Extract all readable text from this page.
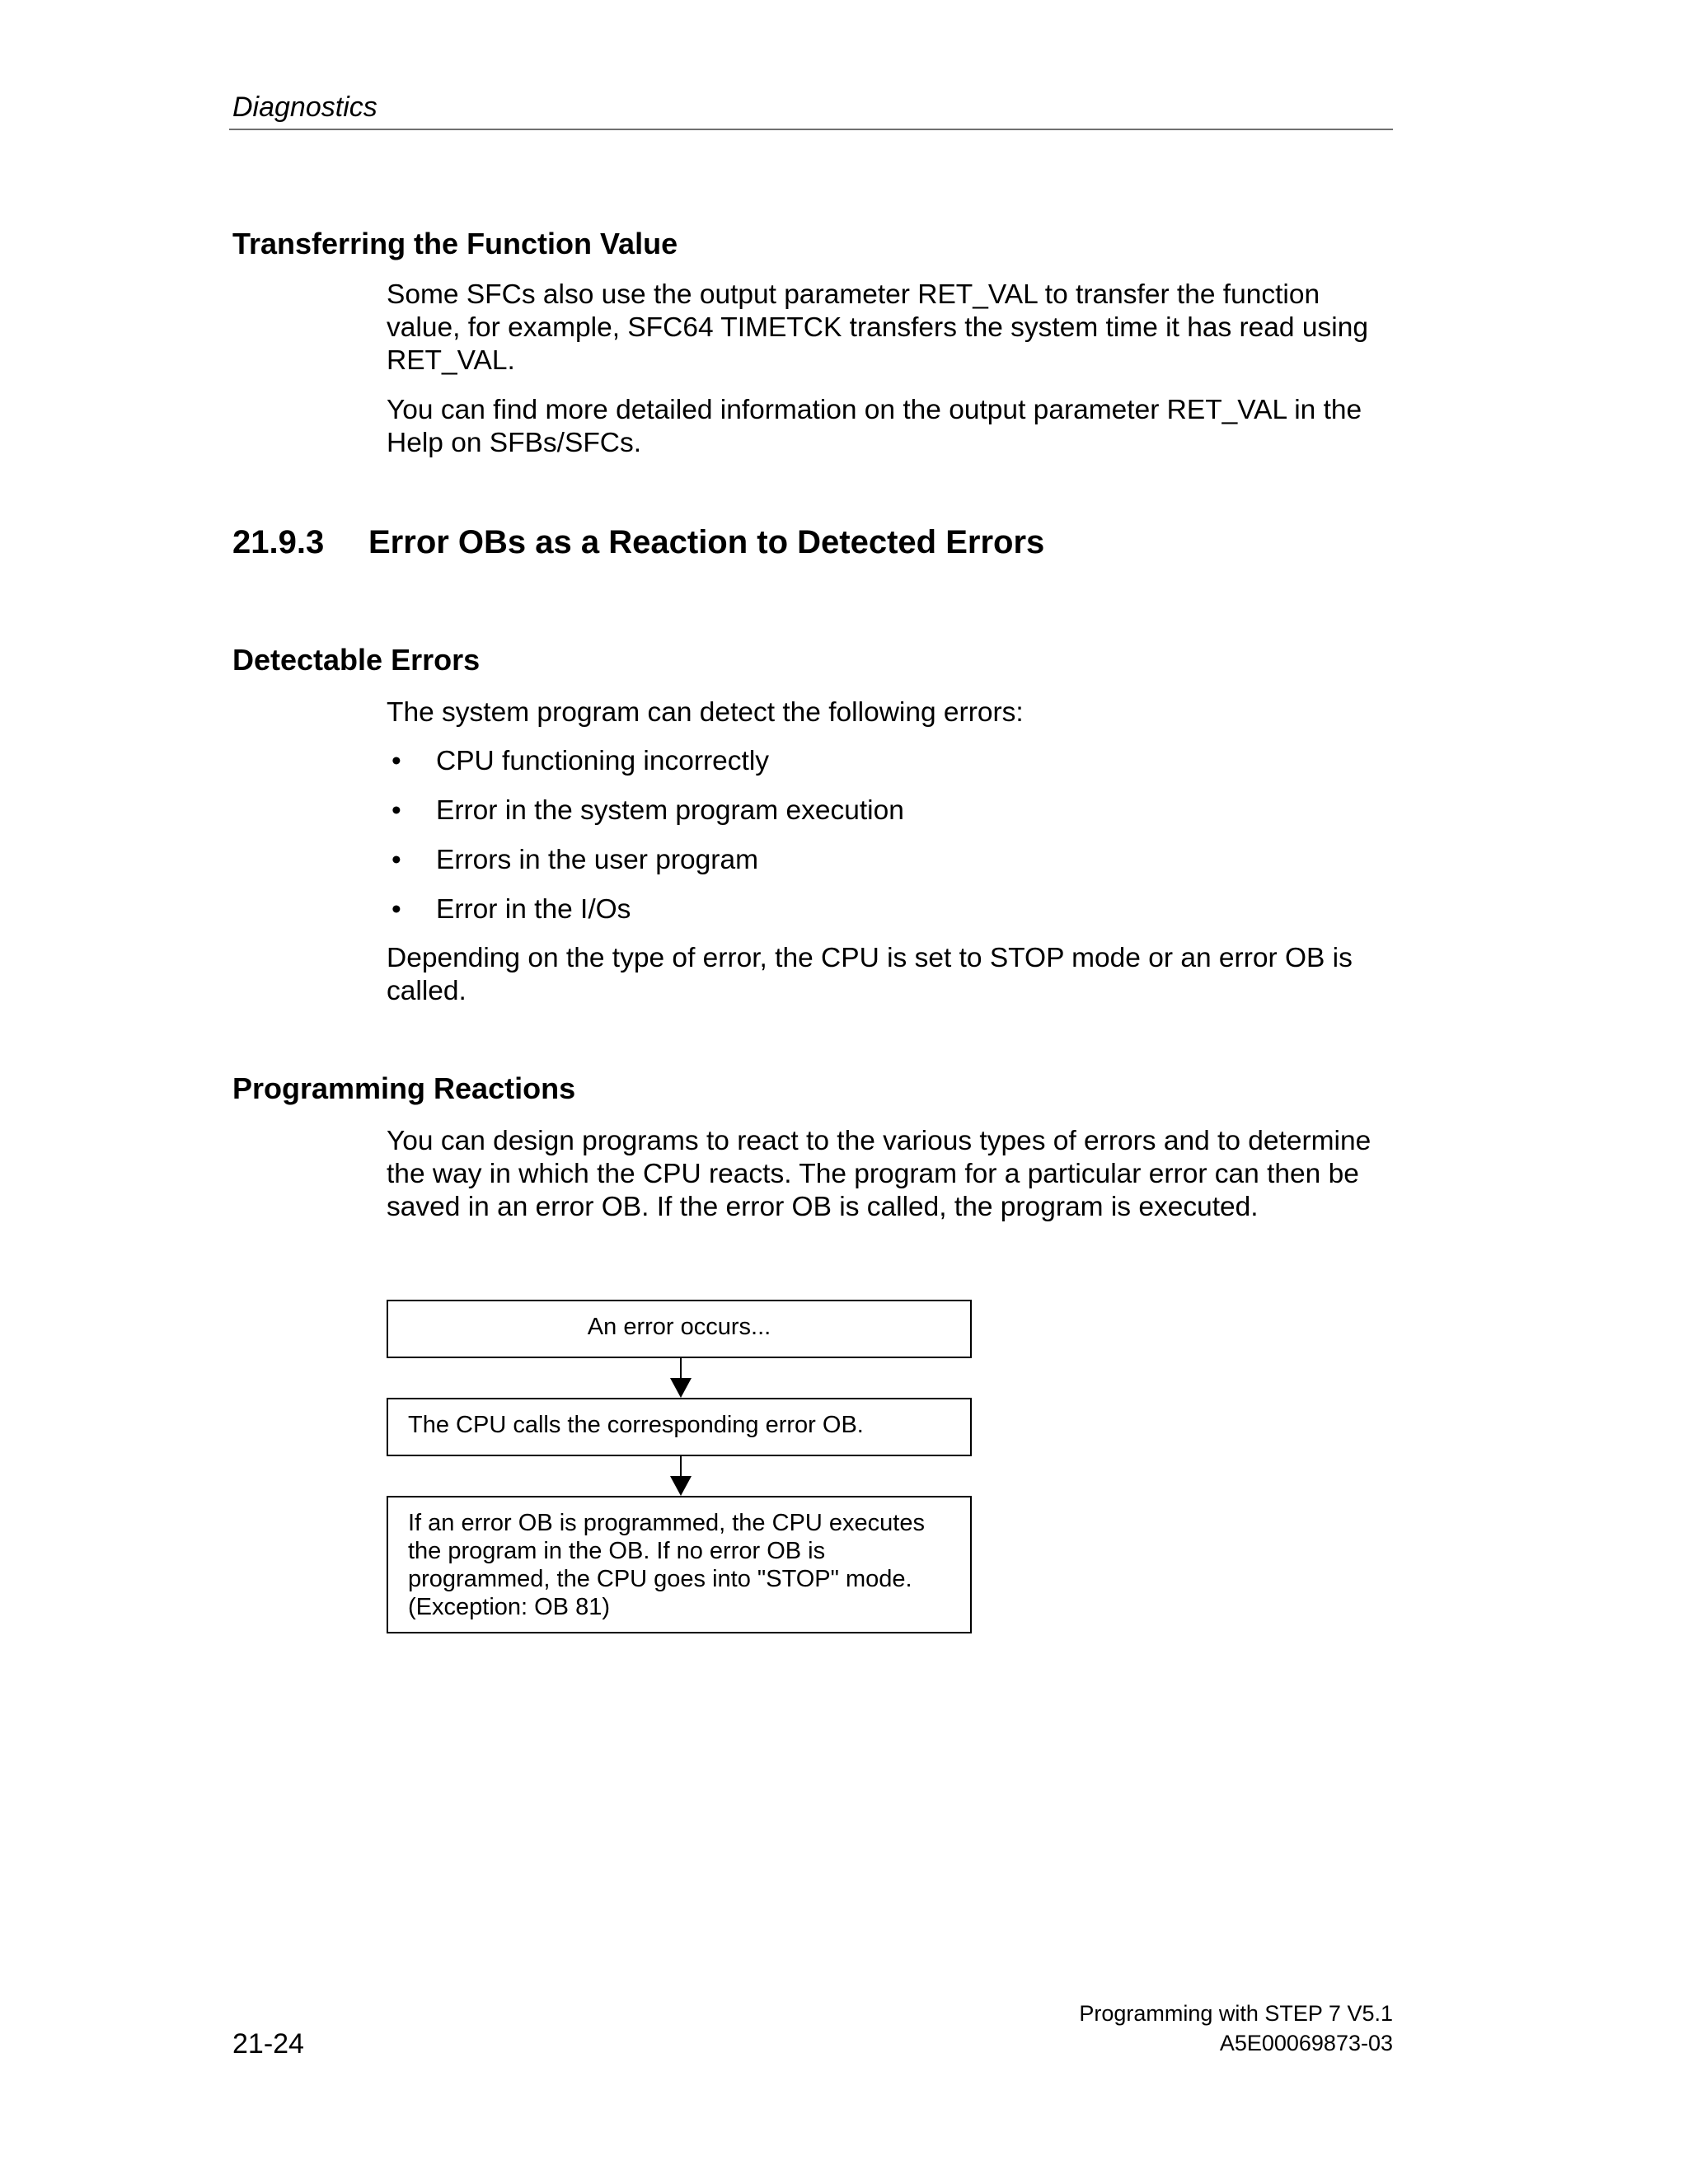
Diagnostics
Transferring the Function Value

Some SFCs also use the output parameter RET_VAL to transfer the function value, for example, SFC64 TIMETCK transfers the system time it has read using RET_VAL.

You can find more detailed information on the output parameter RET_VAL in the Help on SFBs/SFCs.

21.9.3 Error OBs as a Reaction to Detected Errors
Detectable Errors

The system program can detect the following errors:

• CPU functioning incorrectly
• Error in the system program execution
• Errors in the user program
• Error in the I/Os

Depending on the type of error, the CPU is set to STOP mode or an error OB is called.

Programming Reactions

You can design programs to react to the various types of errors and to determine the way in which the CPU reacts. The program for a particular error can then be saved in an error OB. If the error OB is called, the program is executed.

An error occurs...
The CPU calls the corresponding error OB.
If an error OB is programmed, the CPU executes the program in the OB. If no error OB is programmed, the CPU goes into "STOP" mode. (Exception: OB 81)
21-24
Programming with STEP 7 V5.1
A5E00069873-03
